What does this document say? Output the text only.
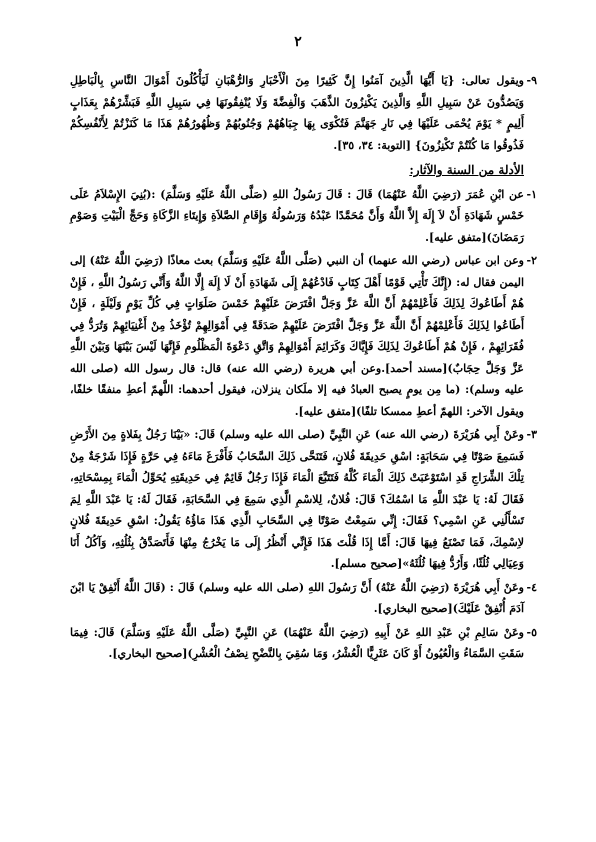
٢

٩-
ويقول تعالى: {يَا أَيُّهَا الَّذِينَ آمَنُوا إِنَّ كَثِيرًا مِنَ الْأَحْبَارِ وَالرُّهْبَانِ لَيَأْكُلُونَ أَمْوَالَ النَّاسِ بِالْبَاطِلِ وَيَصُدُّونَ عَنْ سَبِيلِ اللَّهِ وَالَّذِينَ يَكْنِزُونَ الذَّهَبَ وَالْفِضَّةَ وَلَا يُنْفِقُونَهَا فِي سَبِيلِ اللَّهِ فَبَشِّرْهُمْ بِعَذَابٍ أَلِيمٍ * يَوْمَ يُحْمَى عَلَيْهَا فِي نَارِ جَهَنَّمَ فَتُكْوَى بِهَا جِبَاهُهُمْ وَجُنُوبُهُمْ وَظُهُورُهُمْ هَذَا مَا كَنَزْتُمْ لِأَنْفُسِكُمْ فَذُوقُوا مَا كُنْتُمْ تَكْنِزُونَ} [التوبة: ٣٤، ٣٥].

الأدلة من السنة والآثار:

١-
عن ابْنِ عُمَرَ (رَضِيَ اللَّهُ عَنْهُمَا) قَالَ : قَالَ رَسُولُ اللهِ (صَلَّى اللَّهُ عَلَيْهِ وَسَلَّمَ) :(بُنِيَ الإِسْلاَمُ عَلَى خَمْسٍ شَهَادَةِ أَنْ لاَ إِلَهَ إِلاَّ اللَّهُ وَأَنَّ مُحَمَّدًا عَبْدُهُ وَرَسُولُهُ وَإِقَامِ الصَّلاَةِ وَإِيتَاءِ الزَّكَاةِ وَحَجِّ الْبَيْتِ وَصَوْمِ رَمَضَانَ)[متفق عليه].

٢-
وعن ابن عباس (رضي الله عنهما) أن النبي (صَلَّى اللَّهُ عَلَيْهِ وَسَلَّمَ) بعث معاذًا (رَضِيَ اللَّهُ عَنْهُ) إلى اليمن فقال له: (إِنَّكَ تَأْتِي قَوْمًا أَهْلَ كِتَابٍ فَادْعُهُمْ إِلَى شَهَادَةِ أَنْ لَا إِلَهَ إِلَّا اللَّهُ وَأَنِّي رَسُولُ اللَّهِ ، فَإِنْ هُمْ أَطَاعُوكَ لِذَلِكَ فَأَعْلِمْهُمْ أَنَّ اللَّهَ عَزَّ وَجَلَّ افْتَرَضَ عَلَيْهِمْ خَمْسَ صَلَوَاتٍ فِي كُلِّ يَوْمٍ وَلَيْلَةٍ ، فَإِنْ أَطَاعُوا لِذَلِكَ فَأَعْلِمْهُمْ أَنَّ اللَّهَ عَزَّ وَجَلَّ افْتَرَضَ عَلَيْهِمْ صَدَقَةً فِي أَمْوَالِهِمْ تُؤْخَذُ مِنْ أَغْنِيَائِهِمْ وَتُرَدُّ فِي فُقَرَائِهِمْ ، فَإِنْ هُمْ أَطَاعُوكَ لِذَلِكَ فَإِيَّاكَ وَكَرَائِمَ أَمْوَالِهِمْ وَاتَّقِ دَعْوَةَ الْمَظْلُومِ فَإِنَّهَا لَيْسَ بَيْنَهَا وَبَيْنَ اللَّهِ عَزَّ وَجَلَّ حِجَابٌ)[مسند أحمد].وعن أبي هريرة (رضي الله عنه) قال: قال رسول الله (صلى الله عليه وسلم): (ما مِن يومٍ يصبح العبادُ فيه إلا ملَكان ينزلان، فيقول أحدهما: اللَّهمّ أعطِ منفقًا خلفًا، ويقول الآخر: اللهمّ أعطِ ممسكا تلفًا)[متفق عليه].

٣-
وعَنْ أَبِي هُرَيْرَةَ (رضي الله عنه) عَنِ النَّبِيِّ (صلى الله عليه وسلم) قَالَ: «بَيْنَا رَجُلٌ بِفَلاةٍ مِنَ الأَرْضِ فَسَمِعَ صَوْتًا فِي سَحَابَةٍ: اسْقِ حَدِيقَةَ فُلانٍ، فَتَنَحَّى ذَلِكَ السَّحَابُ فَأَفْرَغَ مَاءَهُ فِي حَرَّةٍ فَإِذَا شَرْجَةٌ مِنْ تِلْكَ الشِّرَاجِ قَدِ اسْتَوْعَبَتْ ذَلِكَ الْمَاءَ كُلَّهُ فَتَتَبَّعَ الْمَاءَ فَإِذَا رَجُلٌ قَائِمٌ فِي حَدِيقَتِهِ يُحَوِّلُ الْمَاءَ بِمِسْحَاتِهِ، فَقَالَ لَهُ: يَا عَبْدَ اللَّهِ مَا اسْمُكَ؟ قَالَ: فُلانٌ، لِلاسْمِ الَّذِي سَمِعَ فِي السَّحَابَةِ، فَقَالَ لَهُ: يَا عَبْدَ اللَّهِ لِمَ تَسْأَلُنِي عَنِ اسْمِي؟ فَقَالَ: إِنِّي سَمِعْتُ صَوْتًا فِي السَّحَابِ الَّذِي هَذَا مَاؤُهُ يَقُولُ: اسْقِ حَدِيقَةَ فُلانٍ لاِسْمِكَ، فَمَا تَصْنَعُ فِيهَا قَالَ: أَمَّا إِذَا قُلْتَ هَذَا فَإِنِّي أَنْظُرُ إِلَى مَا يَخْرُجُ مِنْهَا فَأَتَصَدَّقُ بِثُلُثِهِ، وَآكُلُ أَنَا وَعِيَالِي ثُلُثًا، وَأَرُدُّ فِيهَا ثُلُثَهُ»[صحيح مسلم].

٤-
وعَنْ أَبِي هُرَيْرَةَ (رَضِيَ اللَّهُ عَنْهُ) أَنَّ رَسُولَ اللهِ (صلى الله عليه وسلم) قَالَ : (قَالَ اللَّهُ أَنْفِقْ يَا ابْنَ آدَمَ أُنْفِقْ عَلَيْكَ)[صحيح البخاري].

٥-
وعَنْ سَالِمِ بْنِ عَبْدِ اللهِ عَنْ أَبِيهِ (رَضِيَ اللَّهُ عَنْهُمَا) عَنِ النَّبِيِّ (صَلَّى اللَّهُ عَلَيْهِ وَسَلَّمَ) قَالَ: فِيمَا سَقَتِ السَّمَاءُ وَالْعُيُونُ أَوْ كَانَ عَثَرِيًّا الْعُشْرُ، وَمَا سُقِيَ بِالنَّضْحِ نِصْفُ الْعُشْرِ)[صحيح البخاري].
